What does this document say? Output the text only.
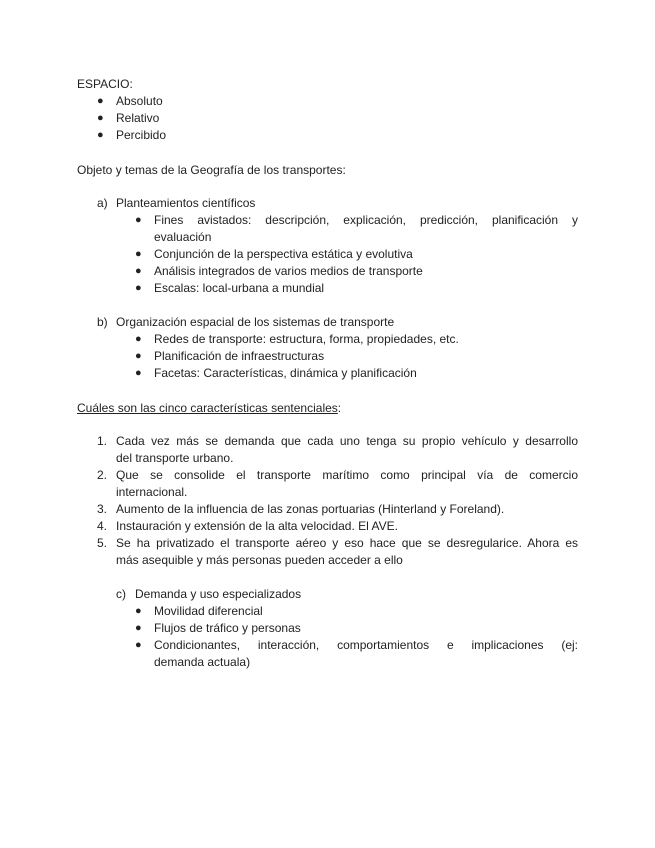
ESPACIO:
● Absoluto
● Relativo
● Percibido
Objeto y temas de la Geografía de los transportes:
a) Planteamientos científicos
● Fines avistados: descripción, explicación, predicción, planificación y
evaluación
● Conjunción de la perspectiva estática y evolutiva
● Análisis integrados de varios medios de transporte
● Escalas: local-urbana a mundial
b) Organización espacial de los sistemas de transporte
● Redes de transporte: estructura, forma, propiedades, etc.
● Planificación de infraestructuras
● Facetas: Características, dinámica y planificación
Cuáles son las cinco características sentenciales:
1. Cada vez más se demanda que cada uno tenga su propio vehículo y desarrollo
del transporte urbano.
2. Que se consolide el transporte marítimo como principal vía de comercio
internacional.
3. Aumento de la influencia de las zonas portuarias (Hinterland y Foreland).
4. Instauración y extensión de la alta velocidad. El AVE.
5. Se ha privatizado el transporte aéreo y eso hace que se desregularice. Ahora es
más asequible y más personas pueden acceder a ello
c) Demanda y uso especializados
● Movilidad diferencial
● Flujos de tráfico y personas
● Condicionantes, interacción, comportamientos e implicaciones (ej:
demanda actuala)
